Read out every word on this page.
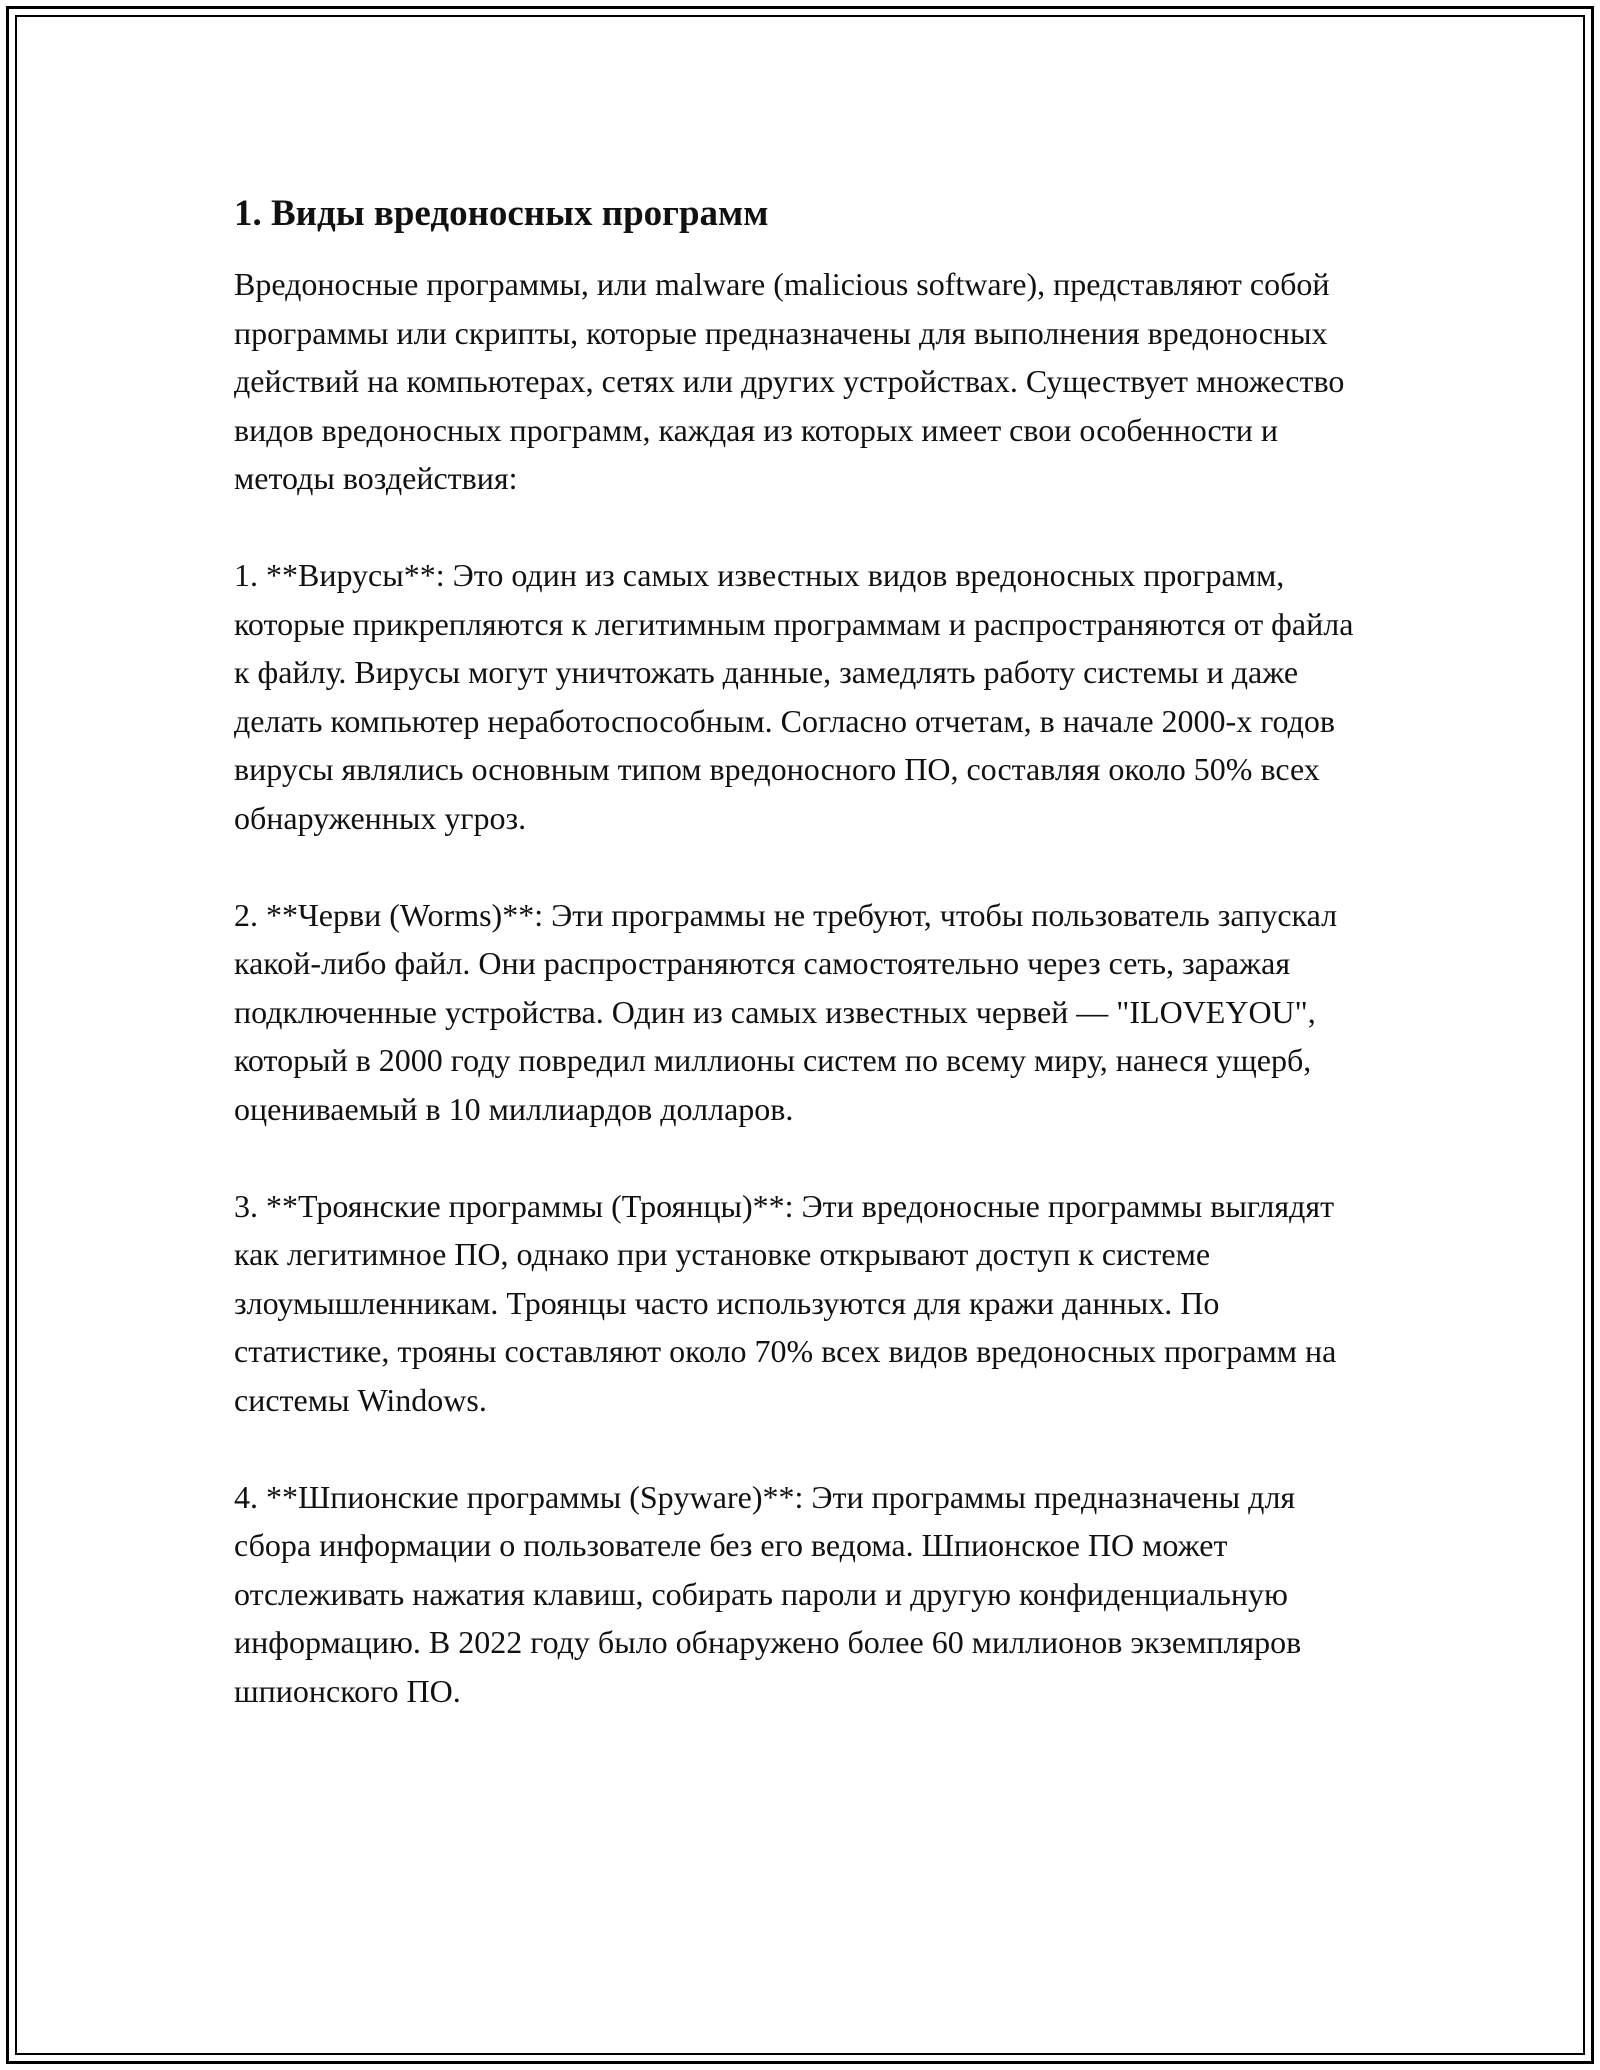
1. Виды вредоносных программ

Вредоносные программы, или malware (malicious software), представляют собой программы или скрипты, которые предназначены для выполнения вредоносных действий на компьютерах, сетях или других устройствах. Существует множество видов вредоносных программ, каждая из которых имеет свои особенности и методы воздействия:

1. **Вирусы**: Это один из самых известных видов вредоносных программ, которые прикрепляются к легитимным программам и распространяются от файла к файлу. Вирусы могут уничтожать данные, замедлять работу системы и даже делать компьютер неработоспособным. Согласно отчетам, в начале 2000-х годов вирусы являлись основным типом вредоносного ПО, составляя около 50% всех обнаруженных угроз.

2. **Черви (Worms)**: Эти программы не требуют, чтобы пользователь запускал какой-либо файл. Они распространяются самостоятельно через сеть, заражая подключенные устройства. Один из самых известных червей — "ILOVEYOU", который в 2000 году повредил миллионы систем по всему миру, нанеся ущерб, оцениваемый в 10 миллиардов долларов.

3. **Троянские программы (Троянцы)**: Эти вредоносные программы выглядят как легитимное ПО, однако при установке открывают доступ к системе злоумышленникам. Троянцы часто используются для кражи данных. По статистике, трояны составляют около 70% всех видов вредоносных программ на системы Windows.

4. **Шпионские программы (Spyware)**: Эти программы предназначены для сбора информации о пользователе без его ведома. Шпионское ПО может отслеживать нажатия клавиш, собирать пароли и другую конфиденциальную информацию. В 2022 году было обнаружено более 60 миллионов экземпляров шпионского ПО.
